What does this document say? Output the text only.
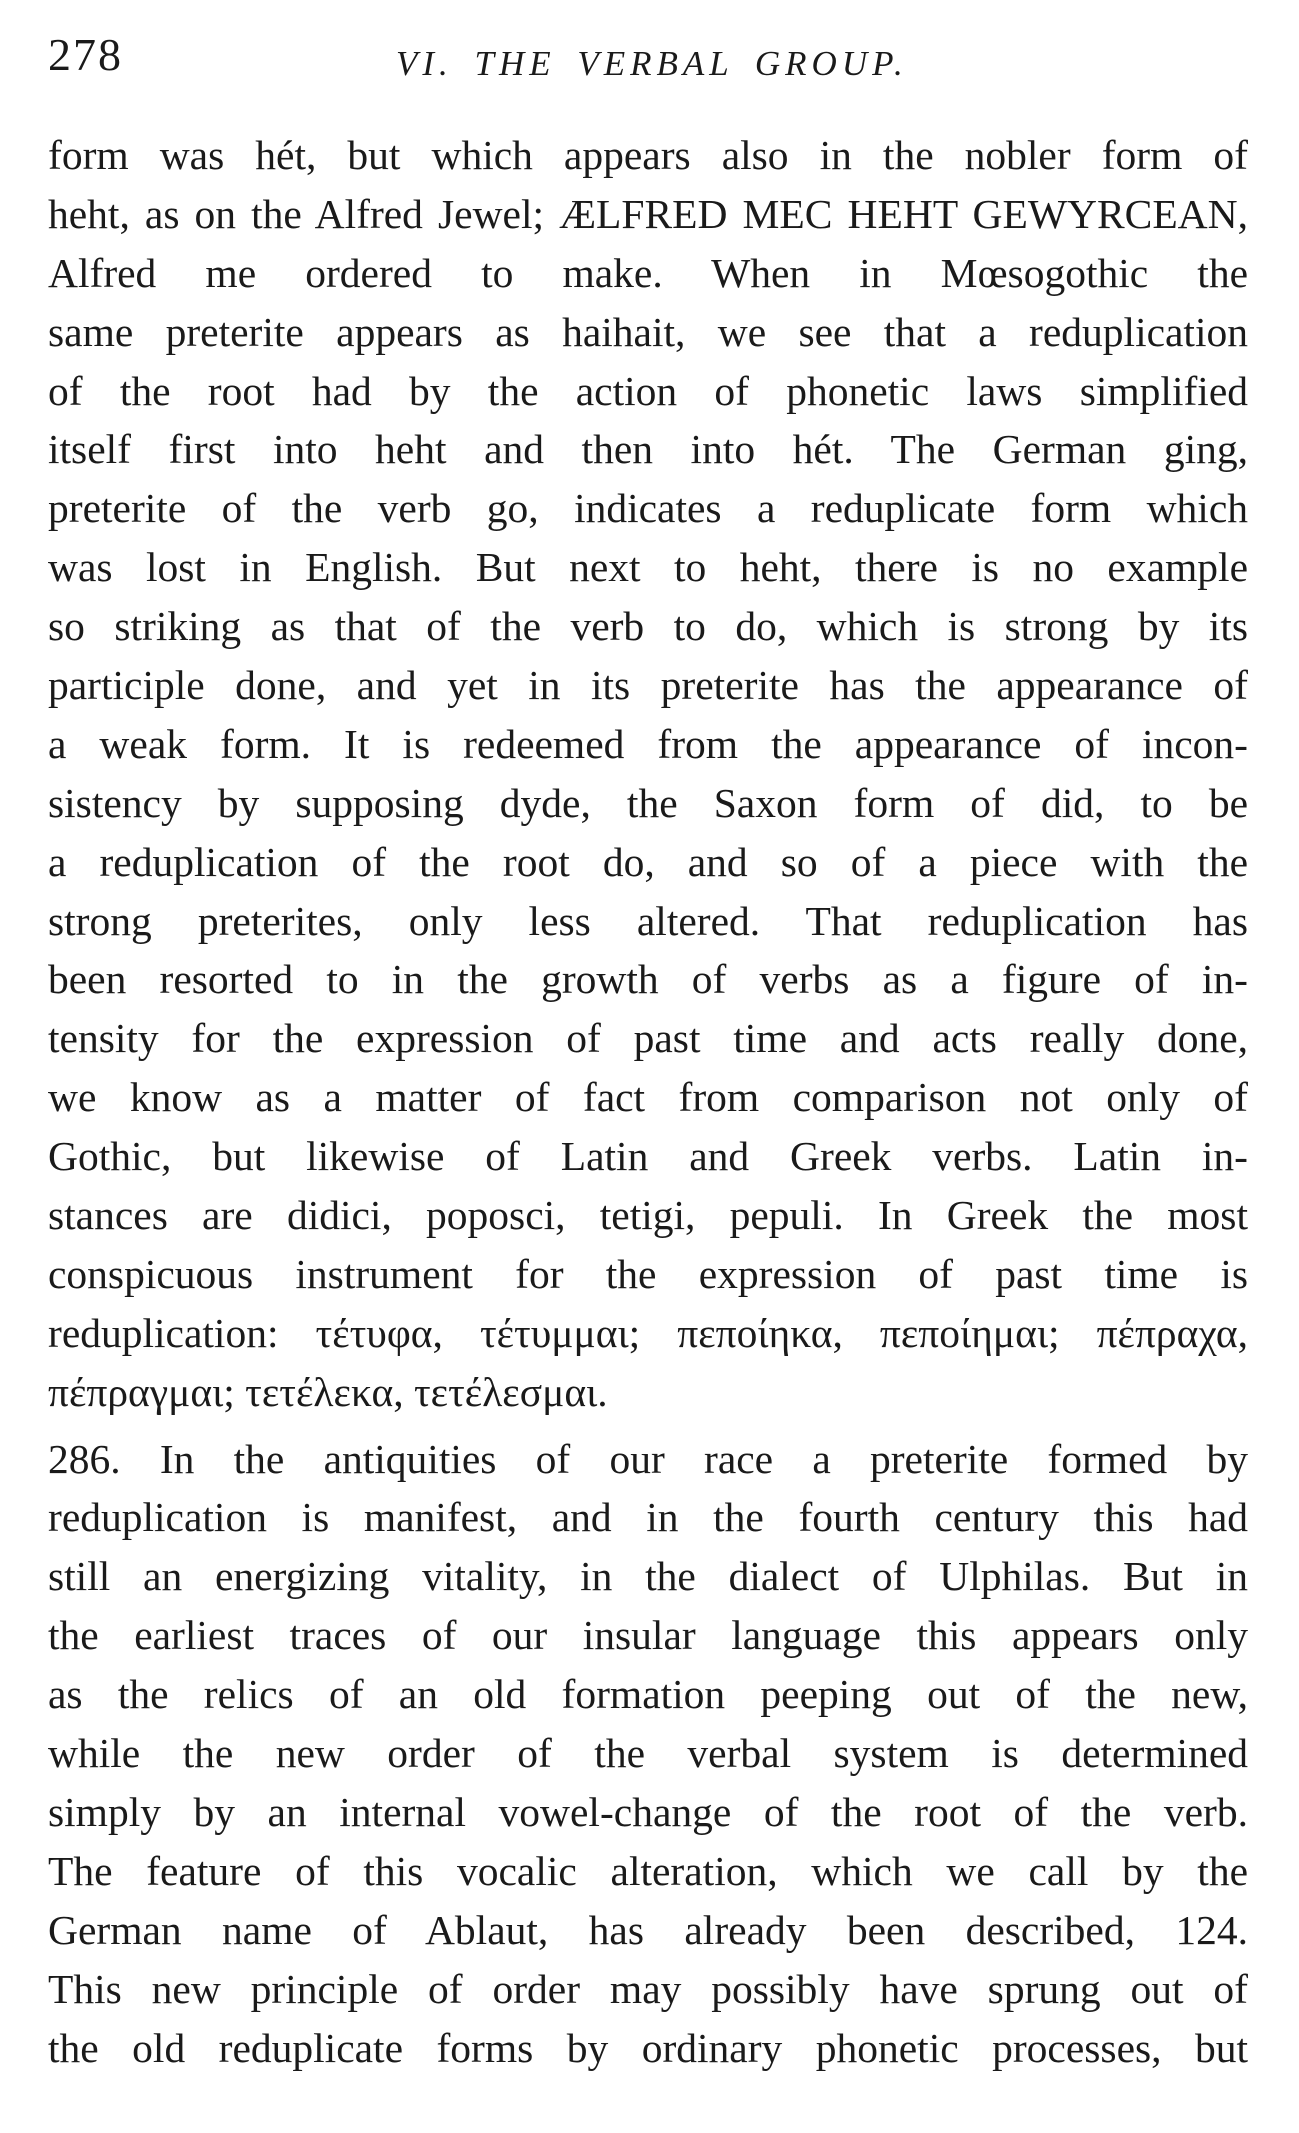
278	VI. THE VERBAL GROUP.
form was hét, but which appears also in the nobler form of
heht, as on the Alfred Jewel; ÆLFRED MEC HEHT GEWYRCEAN,
Alfred me ordered to make. When in Mœsogothic the
same preterite appears as haihait, we see that a reduplication
of the root had by the action of phonetic laws simplified
itself first into heht and then into hét. The German ging,
preterite of the verb go, indicates a reduplicate form which
was lost in English. But next to heht, there is no example
so striking as that of the verb to do, which is strong by its
participle done, and yet in its preterite has the appearance of
a weak form. It is redeemed from the appearance of incon-
sistency by supposing dyde, the Saxon form of did, to be
a reduplication of the root do, and so of a piece with the
strong preterites, only less altered. That reduplication has
been resorted to in the growth of verbs as a figure of in-
tensity for the expression of past time and acts really done,
we know as a matter of fact from comparison not only of
Gothic, but likewise of Latin and Greek verbs. Latin in-
stances are didici, poposci, tetigi, pepuli. In Greek the most
conspicuous instrument for the expression of past time is
reduplication: τέτυφα, τέτυμμαι; πεποίηκα, πεποίημαι; πέπραχα,
πέπραγμαι; τετέλεκα, τετέλεσμαι.
286. In the antiquities of our race a preterite formed by
reduplication is manifest, and in the fourth century this had
still an energizing vitality, in the dialect of Ulphilas. But in
the earliest traces of our insular language this appears only
as the relics of an old formation peeping out of the new,
while the new order of the verbal system is determined
simply by an internal vowel-change of the root of the verb.
The feature of this vocalic alteration, which we call by the
German name of Ablaut, has already been described, 124.
This new principle of order may possibly have sprung out of
the old reduplicate forms by ordinary phonetic processes, but
